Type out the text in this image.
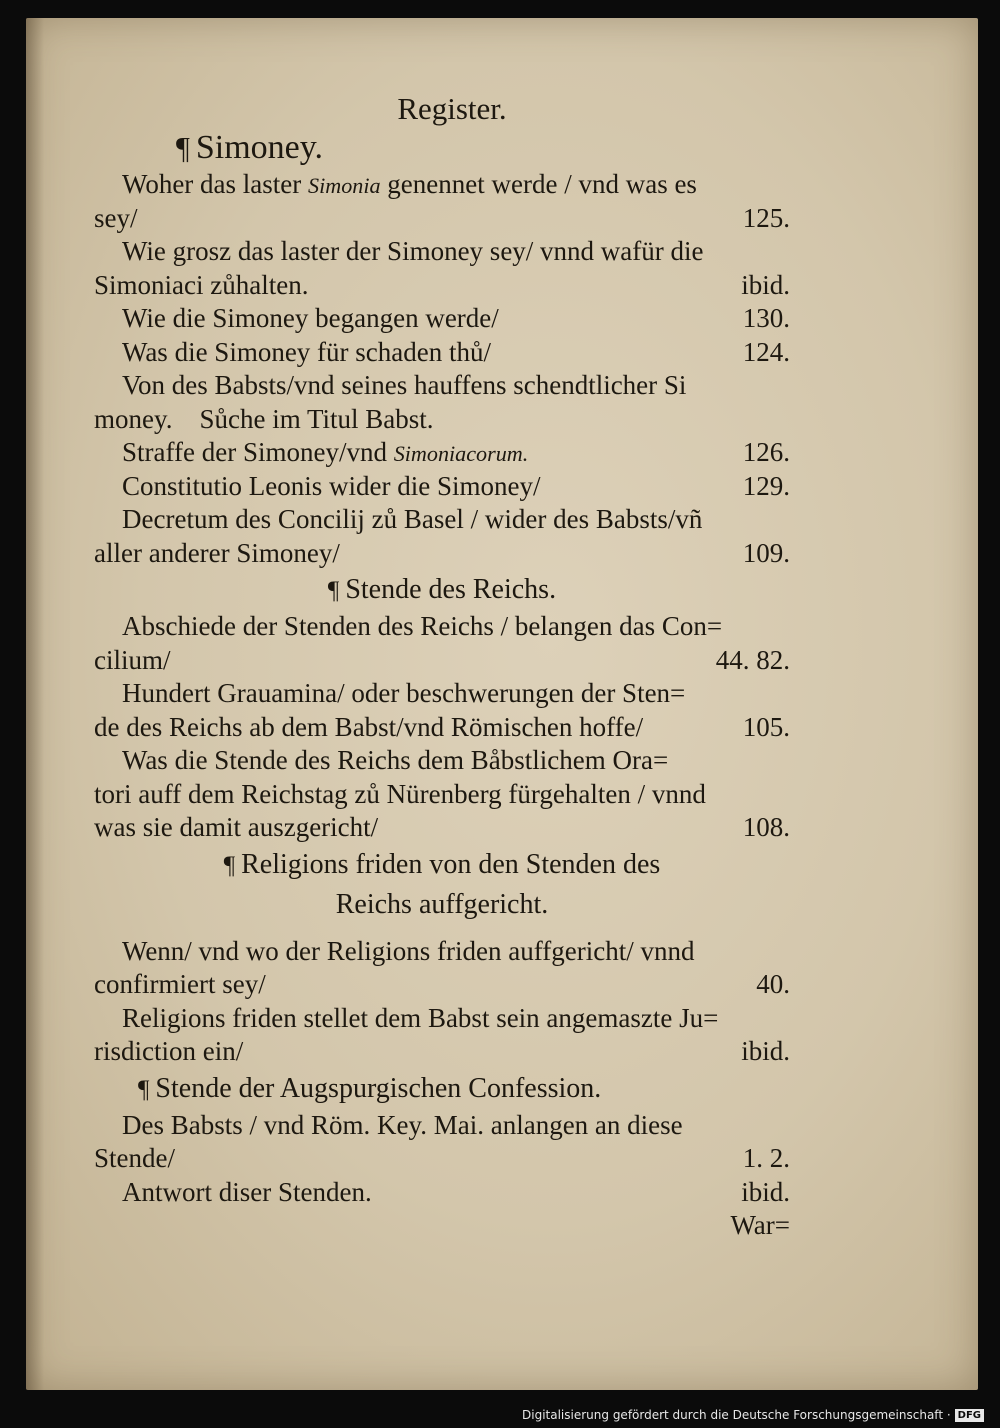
Register.
¶ Simoney.
Woher das laster Simonia genennet werde / vnd was es
sey/	125.
Wie grosz das laster der Simoney sey/ vnnd wafür die
Simoniaci zůhalten.	ibid.
Wie die Simoney begangen werde/	130.
Was die Simoney für schaden thů/	124.
Von des Babsts/vnd seines hauffens schendtlicher Si
money.    Sůche im Titul Babst.
Straffe der Simoney/vnd Simoniacorum.	126.
Constitutio Leonis wider die Simoney/	129.
Decretum des Concilij zů Basel / wider des Babsts/vñ
aller anderer Simoney/	109.
¶ Stende des Reichs.
Abschiede der Stenden des Reichs / belangen das Con=
cilium/	44. 82.
Hundert Grauamina/ oder beschwerungen der Sten=
de des Reichs ab dem Babst/vnd Römischen hoffe/	105.
Was die Stende des Reichs dem Båbstlichem Ora=
tori auff dem Reichstag zů Nürenberg fürgehalten / vnnd
was sie damit auszgericht/	108.
¶ Religions friden von den Stenden des
Reichs auffgericht.
Wenn/ vnd wo der Religions friden auffgericht/ vnnd
confirmiert sey/	40.
Religions friden stellet dem Babst sein angemaszte Ju=
risdiction ein/	ibid.
¶ Stende der Augspurgischen Confession.
Des Babsts / vnd Röm. Key. Mai. anlangen an diese
Stende/	1. 2.
Antwort diser Stenden.	ibid.
War=
Digitalisierung gefördert durch die Deutsche Forschungsgemeinschaft · DFG
